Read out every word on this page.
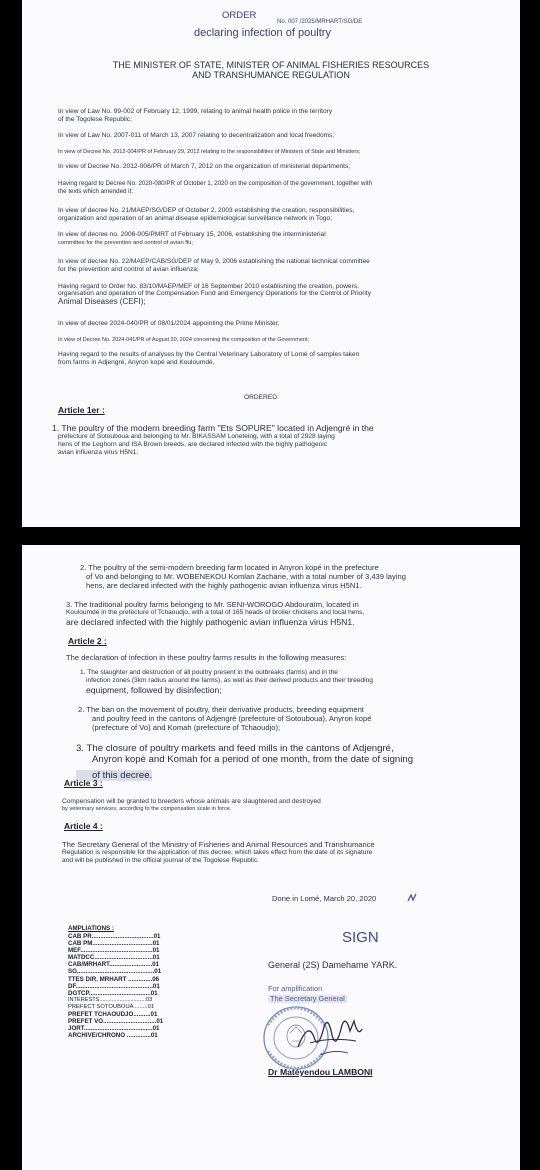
ORDER
No. 007 /2025/MRHART/SG/DE
declaring infection of poultry
THE MINISTER OF STATE, MINISTER OF ANIMAL FISHERIES RESOURCES
AND TRANSHUMANCE REGULATION
In view of Law No. 99-002 of February 12, 1999, relating to animal health police in the territory
of the Togolese Republic;
In view of Law No. 2007-011 of March 13, 2007 relating to decentralization and local freedoms;
In view of Decree No. 2012-004/PR of February 29, 2012 relating to the responsibilities of Ministers of State and Ministers;
In view of Decree No. 2012-006/PR of March 7, 2012 on the organization of ministerial departments;
Having regard to Decree No. 2020-080/PR of October 1, 2020 on the composition of the government, together with
the texts which amended it;
In view of decree No. 21/MAEP/SG/DEP of October 2, 2003 establishing the creation, responsibilities,
organization and operation of an animal disease epidemiological surveillance network in Togo;
In view of decree no. 2006-005/PMRT of February 15, 2006, establishing the interministerial
committee for the prevention and control of avian flu;
In view of decree No. 22/MAEP/CAB/SG/DEP of May 9, 2006 establishing the national technical committee
for the prevention and control of avian influenza;
Having regard to Order No. 83/10/MAEP/MEF of 16 September 2010 establishing the creation, powers,
organisation and operation of the Compensation Fund and Emergency Operations for the Control of Priority
Animal Diseases (CEFI);
In view of decree 2024-040/PR of 08/01/2024 appointing the Prime Minister;
In view of Decree No. 2024-041/PR of August 20, 2024 concerning the composition of the Government;
Having regard to the results of analyses by the Central Veterinary Laboratory of Lomé of samples taken
from farms in Adjengré, Anyron kopé and Kouloumdé,
ORDERED:
Article 1er :
1. The poultry of the modern breeding farm "Ets SOPURE" located in Adjengré in the
prefecture of Sotouboua and belonging to Mr. BIKASSAM Loneteing, with a total of 2928 laying
hens of the Leghorn and ISA Brown breeds, are declared infected with the highly pathogenic
avian influenza virus H5N1.
2. The poultry of the semi-modern breeding farm located in Anyron kopé in the prefecture
of Vo and belonging to Mr. WOBENEKOU Komlan Zacharie, with a total number of 3,439 laying
hens, are declared infected with the highly pathogenic avian influenza virus H5N1.
3. The traditional poultry farms belonging to Mr. SENI-WOROGO Abdouraïm, located in
Kouloumdé in the prefecture of Tchaoudjo, with a total of 165 heads of broiler chickens and local hens,
are declared infected with the highly pathogenic avian influenza virus H5N1.
Article 2 :
The declaration of infection in these poultry farms results in the following measures:
1. The slaughter and destruction of all poultry present in the outbreaks (farms) and in the
infection zones (3km radius around the farms), as well as their derived products and their breeding
equipment, followed by disinfection;
2. The ban on the movement of poultry, their derivative products, breeding equipment
and poultry feed in the cantons of Adjengré (prefecture of Sotouboua), Anyron kopé
(prefecture of Vo) and Komah (prefecture of Tchaoudjo);
3. The closure of poultry markets and feed mills in the cantons of Adjengré,
Anyron kopé and Komah for a period of one month, from the date of signing
of this decree.
Article 3 :
Compensation will be granted to breeders whose animals are slaughtered and destroyed
by veterinary services, according to the compensation scale in force.
Article 4 :
The Secretary General of the Ministry of Fisheries and Animal Resources and Transhumance
Regulation is responsible for the application of this decree, which takes effect from the date of its signature
and will be published in the official journal of the Togolese Republic.
Done in Lomé, March 20, 2020
AMPLIATIONS :
CAB PR....................................01
CAB PM...................................01
MEF..........................................01
MATDCC..................................01
CAB/MRHART.........................01
SG.............................................01
TTES DIR. MRHART ..............06
DF.............................................01
DGTCP....................................01
INTERESTS..............................03
PREFECT SOTOUBOUA ........01
PREFET TCHAOUDJO..........01
PREFET VO...............................01
JORT........................................01
ARCHIVE/CHRONO ..............01
SIGN
General (2S) Damehame YARK.
For amplification
The Secretary General
Dr Matéyendou LAMBONI
